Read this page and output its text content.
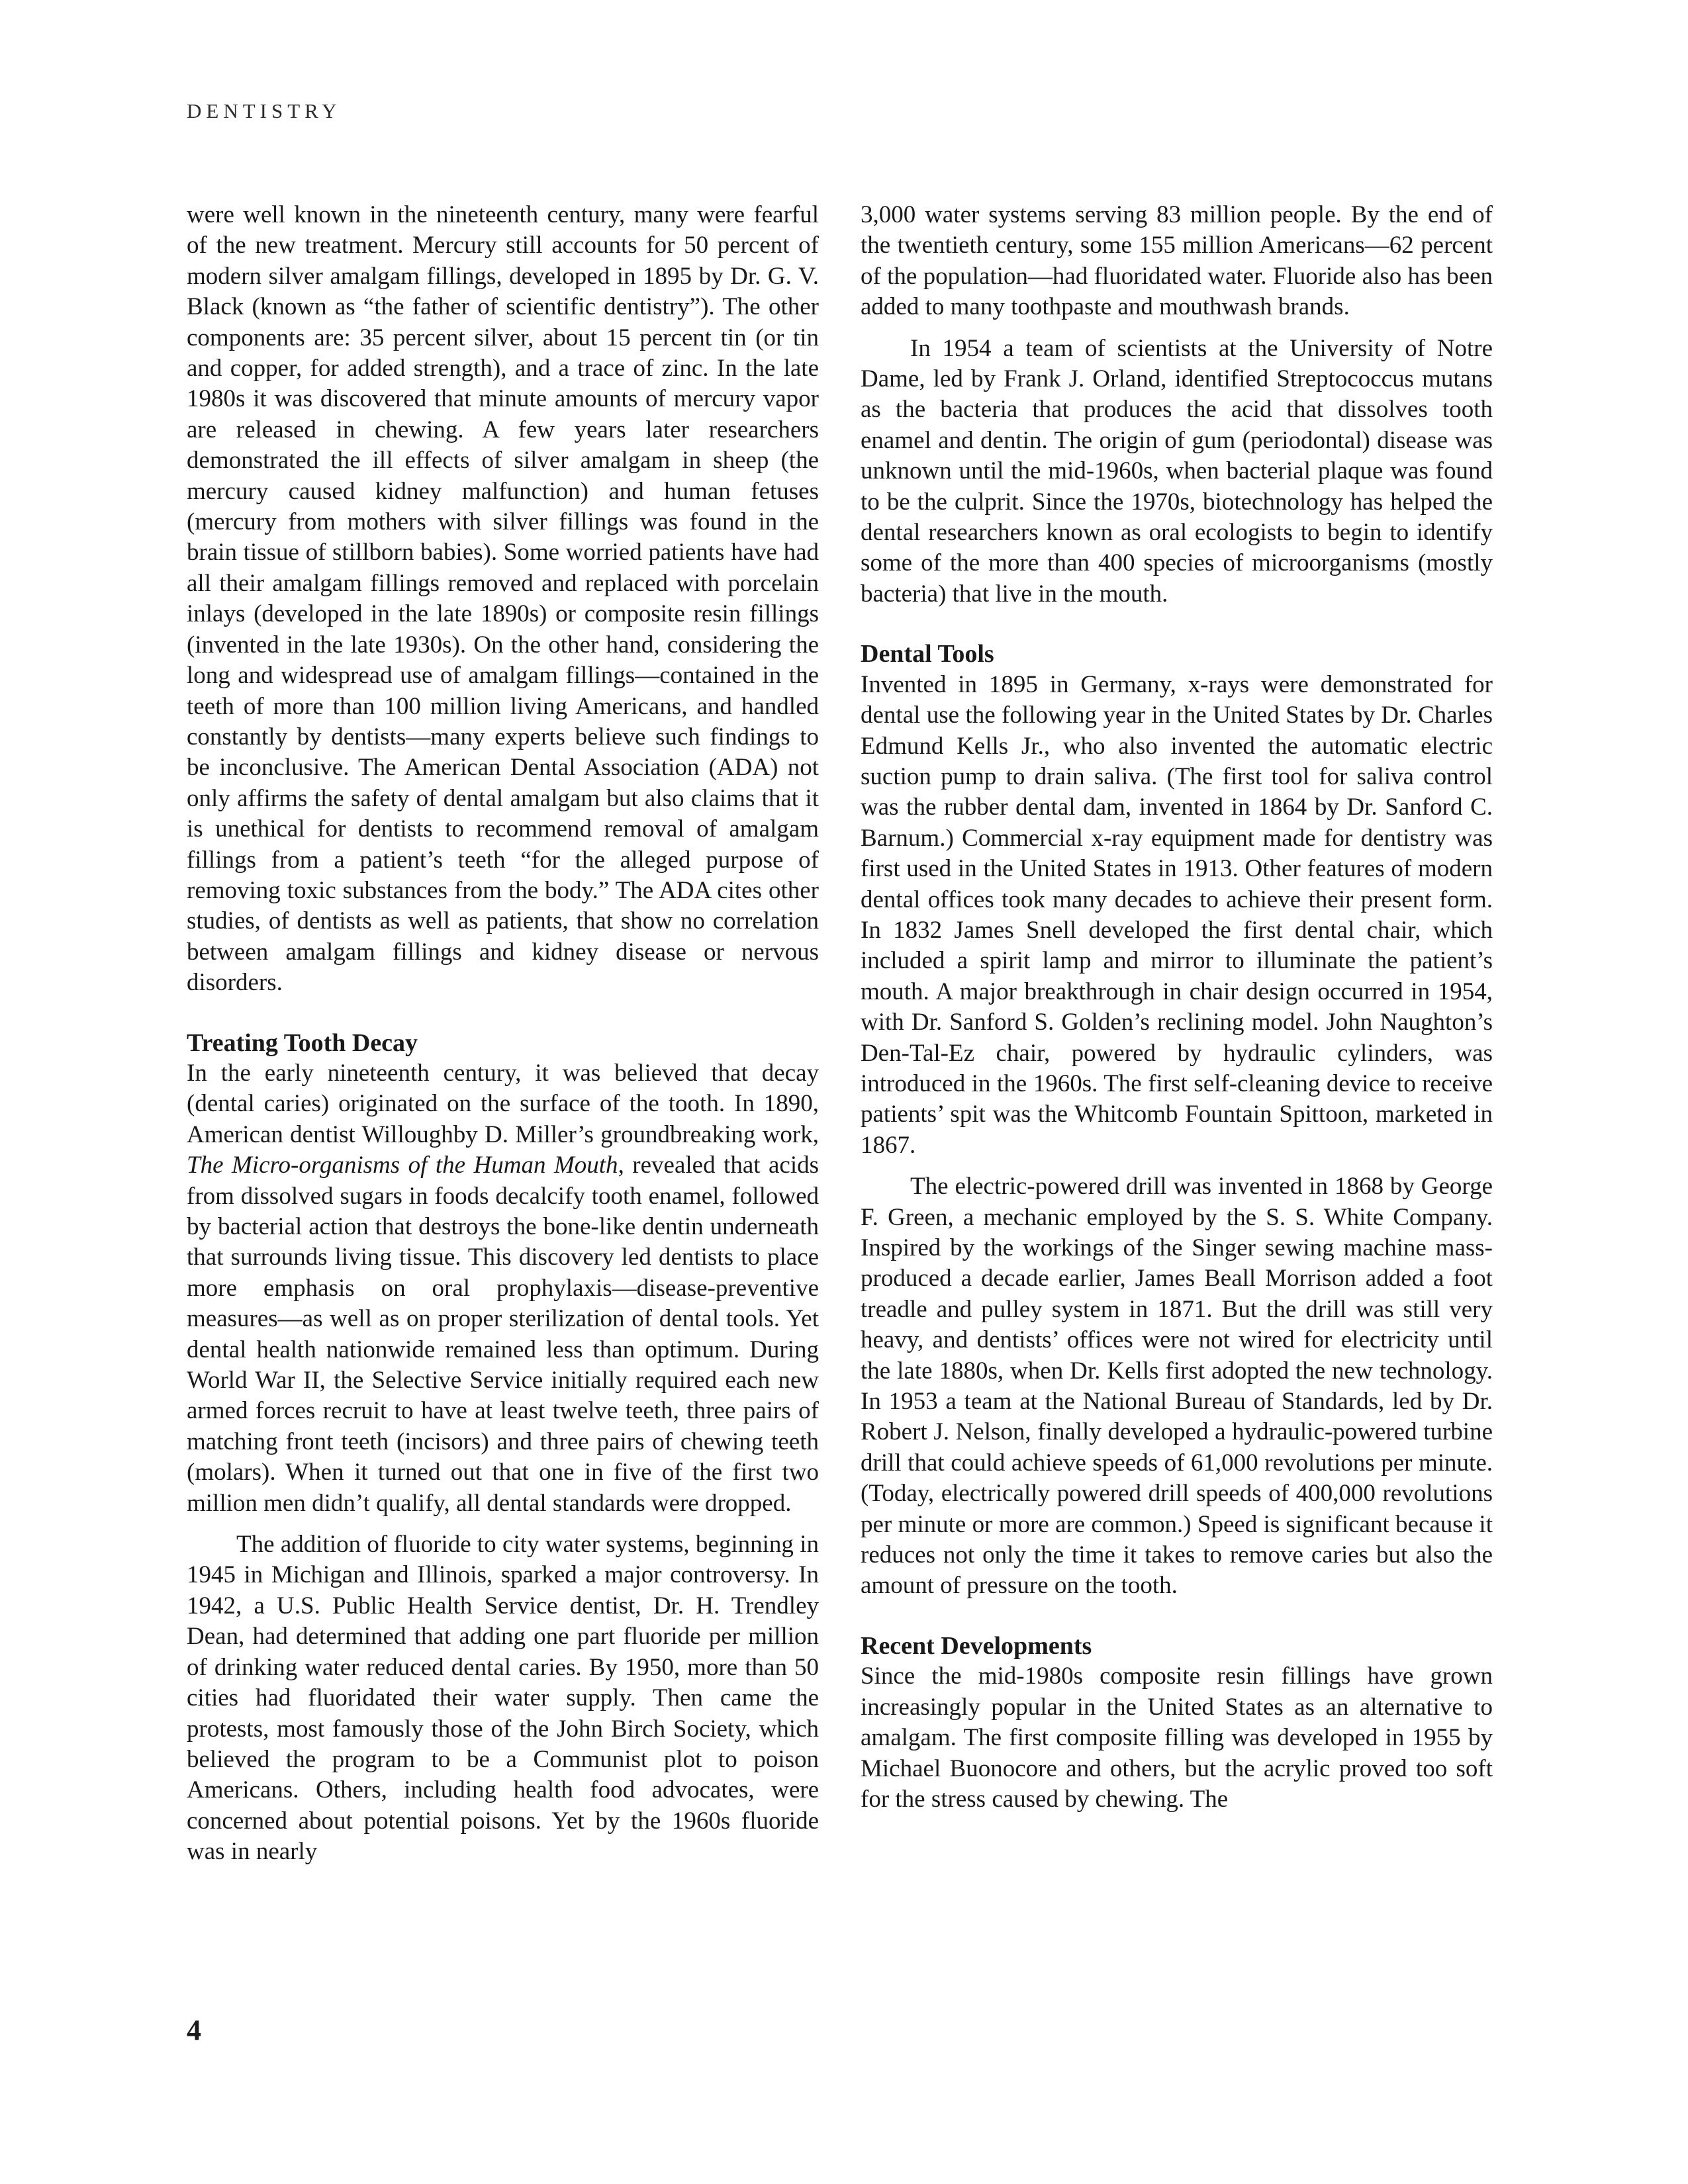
DENTISTRY

were well known in the nineteenth century, many were fearful of the new treatment. Mercury still accounts for 50 percent of modern silver amalgam fillings, developed in 1895 by Dr. G. V. Black (known as “the father of scientific dentistry”). The other components are: 35 percent silver, about 15 percent tin (or tin and copper, for added strength), and a trace of zinc. In the late 1980s it was discovered that minute amounts of mercury vapor are released in chewing. A few years later researchers demonstrated the ill effects of silver amalgam in sheep (the mercury caused kidney malfunction) and human fetuses (mercury from mothers with silver fillings was found in the brain tissue of stillborn babies). Some worried patients have had all their amalgam fillings removed and replaced with porcelain inlays (developed in the late 1890s) or composite resin fillings (invented in the late 1930s). On the other hand, considering the long and widespread use of amalgam fillings—contained in the teeth of more than 100 million living Americans, and handled constantly by dentists—many experts believe such findings to be inconclusive. The American Dental Association (ADA) not only affirms the safety of dental amalgam but also claims that it is unethical for dentists to recommend removal of amalgam fillings from a patient’s teeth “for the alleged purpose of removing toxic substances from the body.” The ADA cites other studies, of dentists as well as patients, that show no correlation between amalgam fillings and kidney disease or nervous disorders.

Treating Tooth Decay

In the early nineteenth century, it was believed that decay (dental caries) originated on the surface of the tooth. In 1890, American dentist Willoughby D. Miller’s groundbreaking work, The Micro-organisms of the Human Mouth, revealed that acids from dissolved sugars in foods decalcify tooth enamel, followed by bacterial action that destroys the bone-like dentin underneath that surrounds living tissue. This discovery led dentists to place more emphasis on oral prophylaxis—disease-preventive measures—as well as on proper sterilization of dental tools. Yet dental health nationwide remained less than optimum. During World War II, the Selective Service initially required each new armed forces recruit to have at least twelve teeth, three pairs of matching front teeth (incisors) and three pairs of chewing teeth (molars). When it turned out that one in five of the first two million men didn’t qualify, all dental standards were dropped.

The addition of fluoride to city water systems, beginning in 1945 in Michigan and Illinois, sparked a major controversy. In 1942, a U.S. Public Health Service dentist, Dr. H. Trendley Dean, had determined that adding one part fluoride per million of drinking water reduced dental caries. By 1950, more than 50 cities had fluoridated their water supply. Then came the protests, most famously those of the John Birch Society, which believed the program to be a Communist plot to poison Americans. Others, including health food advocates, were concerned about potential poisons. Yet by the 1960s fluoride was in nearly

3,000 water systems serving 83 million people. By the end of the twentieth century, some 155 million Americans—62 percent of the population—had fluoridated water. Fluoride also has been added to many toothpaste and mouthwash brands.

In 1954 a team of scientists at the University of Notre Dame, led by Frank J. Orland, identified Streptococcus mutans as the bacteria that produces the acid that dissolves tooth enamel and dentin. The origin of gum (periodontal) disease was unknown until the mid-1960s, when bacterial plaque was found to be the culprit. Since the 1970s, biotechnology has helped the dental researchers known as oral ecologists to begin to identify some of the more than 400 species of microorganisms (mostly bacteria) that live in the mouth.

Dental Tools

Invented in 1895 in Germany, x-rays were demonstrated for dental use the following year in the United States by Dr. Charles Edmund Kells Jr., who also invented the automatic electric suction pump to drain saliva. (The first tool for saliva control was the rubber dental dam, invented in 1864 by Dr. Sanford C. Barnum.) Commercial x-ray equipment made for dentistry was first used in the United States in 1913. Other features of modern dental offices took many decades to achieve their present form. In 1832 James Snell developed the first dental chair, which included a spirit lamp and mirror to illuminate the patient’s mouth. A major breakthrough in chair design occurred in 1954, with Dr. Sanford S. Golden’s reclining model. John Naughton’s Den-Tal-Ez chair, powered by hydraulic cylinders, was introduced in the 1960s. The first self-cleaning device to receive patients’ spit was the Whitcomb Fountain Spittoon, marketed in 1867.

The electric-powered drill was invented in 1868 by George F. Green, a mechanic employed by the S. S. White Company. Inspired by the workings of the Singer sewing machine mass-produced a decade earlier, James Beall Morrison added a foot treadle and pulley system in 1871. But the drill was still very heavy, and dentists’ offices were not wired for electricity until the late 1880s, when Dr. Kells first adopted the new technology. In 1953 a team at the National Bureau of Standards, led by Dr. Robert J. Nelson, finally developed a hydraulic-powered turbine drill that could achieve speeds of 61,000 revolutions per minute. (Today, electrically powered drill speeds of 400,000 revolutions per minute or more are common.) Speed is significant because it reduces not only the time it takes to remove caries but also the amount of pressure on the tooth.

Recent Developments

Since the mid-1980s composite resin fillings have grown increasingly popular in the United States as an alternative to amalgam. The first composite filling was developed in 1955 by Michael Buonocore and others, but the acrylic proved too soft for the stress caused by chewing. The

4
